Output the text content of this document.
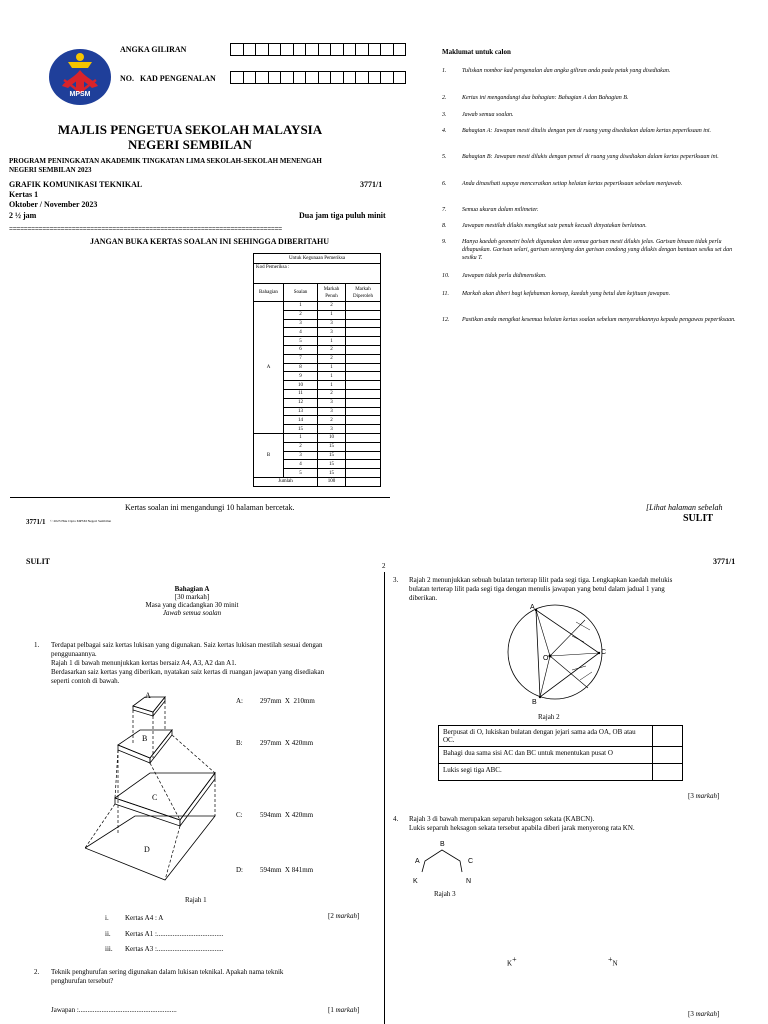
MPSM
ANGKA GILIRAN
NO.   KAD PENGENALAN
MAJLIS PENGETUA SEKOLAH MALAYSIA
NEGERI SEMBILAN
PROGRAM PENINGKATAN AKADEMIK TINGKATAN LIMA SEKOLAH-SEKOLAH MENENGAH
NEGERI SEMBILAN 2023
GRAFIK KOMUNIKASI TEKNIKAL	3771/1
Kertas 1
Oktober / November 2023
2 ½ jam	Dua jam tiga puluh minit
==========================================================================
JANGAN BUKA KERTAS SOALAN INI SEHINGGA DIBERITAHU
Untuk Kegunaan Pemeriksa			
Kod Pemeriksa :			
Bahagian	Soalan	Markah Penuh	Markah Diperoleh
A	1	2	
	2	1	
	3	3	
	4	3	
	5	1	
	6	2	
	7	2	
	8	1	
	9	1	
	10	1	
	11	2	
	12	3	
	13	3	
	14	2	
	15	3	
B	1	10	
	2	15	
	3	15	
	4	15	
	5	15	
Jumlah		100	
Maklumat untuk calon
1.	Tuliskan nombor kad pengenalan dan angka giliran anda pada petak yang disediakan.
2.	Kertas ini mengandungi dua bahagian: Bahagian A dan Bahagian B.
3.	Jawab semua soalan.
4.	Bahagian A: Jawapan mesti ditulis dengan pen di ruang yang disediakan dalam kertas peperiksaan ini.
5.	Bahagian B: Jawapan mesti dilukis dengan pensel di ruang yang disediakan dalam kertas peperiksaan ini.
6.	Anda dinasihati supaya menceraikan setiap helaian kertas peperiksaan sebelum menjawab.
7.	Semua ukuran dalam milimeter.
8.	Jawapan mestilah dilukis mengikut saiz penuh kecuali dinyatakan berlainan.
9.	Hanya kaedah geometri boleh digunakan dan semua garisan mesti dilukis jelas. Garisan binaan tidak perlu dihapuskan. Garisan selari, garisan serenjang dan garisan condong yang dilukis dengan bantuan sesiku set dan sesiku T.
10. Jawapan tidak perlu didimensikan.
11. Markah akan diberi bagi kefahaman konsep, kaedah yang betul dan kejituan jawapan.
12. Pastikan anda mengikat kesemua helaian kertas soalan sebelum menyerahkannya kepada pengawas peperiksaan.
Kertas soalan ini mengandungi 10 halaman bercetak.	[Lihat halaman sebelah
SULIT
3771/1 © 2023 Hak Cipta MPSM Negeri Sembilan
SULIT	2	3771/1
Bahagian A
[30 markah]
Masa yang dicadangkan 30 minit
Jawab semua soalan
1. Terdapat pelbagai saiz kertas lukisan yang digunakan. Saiz kertas lukisan mestilah sesuai dengan
penggunaannya.
Rajah 1 di bawah menunjukkan kertas bersaiz A4, A3, A2 dan A1.
Berdasarkan saiz kertas yang diberikan, nyatakan saiz kertas di ruangan jawapan yang disediakan
seperti contoh di bawah.
A
B
C
D
A: 297mm  X  210mm
B: 297mm  X 420mm
C: 594mm  X 420mm
D: 594mm  X 841mm
Rajah 1
i. Kertas A4 : A
ii. Kertas A1 :......................................
iii. Kertas A3 :......................................
[2 markah]
2. Teknik penghurufan sering digunakan dalam lukisan teknikal. Apakah nama teknik
penghurufan tersebut?
Jawapan :........................................................	[1 markah]
3. Rajah 2 menunjukkan sebuah bulatan terterap lilit pada segi tiga. Lengkapkan kaedah melukis
bulatan terterap lilit pada segi tiga dengan menulis jawapan yang betul dalam jadual 1 yang
diberikan.
A
B
C
O
Rajah 2
Berpusat di O, lukiskan bulatan dengan jejari sama ada OA, OB atau OC.	
Bahagi dua sama sisi AC dan BC untuk menentukan pusat O	
Lukis segi tiga ABC.	
[3 markah]
4. Rajah 3 di bawah merupakan separuh heksagon sekata (KABCN).
Lukis separuh heksagon sekata tersebut apabila diberi jarak menyerong rata KN.
B
A	C
K	N
Rajah 3
K+	+N
[3 markah]
